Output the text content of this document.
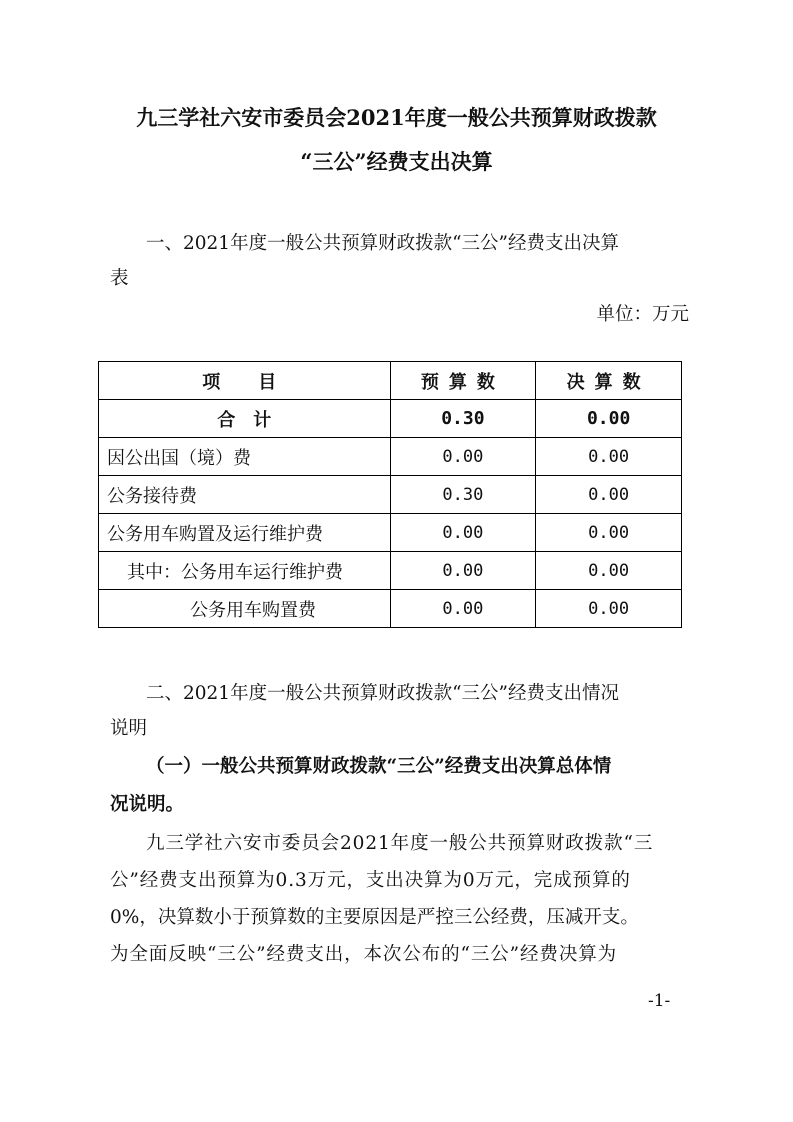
九三学社六安市委员会2021年度一般公共预算财政拨款
“三公”经费支出决算
一、2021年度一般公共预算财政拨款“三公”经费支出决算
表
单位：万元
项　目	预算数	决算数
合　计	0.30	0.00
因公出国（境）费	0.00	0.00
公务接待费	0.30	0.00
公务用车购置及运行维护费	0.00	0.00
其中：公务用车运行维护费	0.00	0.00
公务用车购置费	0.00	0.00
二、2021年度一般公共预算财政拨款“三公”经费支出情况
说明
（一）一般公共预算财政拨款“三公”经费支出决算总体情
况说明。
九三学社六安市委员会2021年度一般公共预算财政拨款“三
公”经费支出预算为0.3万元，支出决算为0万元，完成预算的
0%，决算数小于预算数的主要原因是严控三公经费，压减开支。
为全面反映“三公”经费支出，本次公布的“三公”经费决算为
-1-
